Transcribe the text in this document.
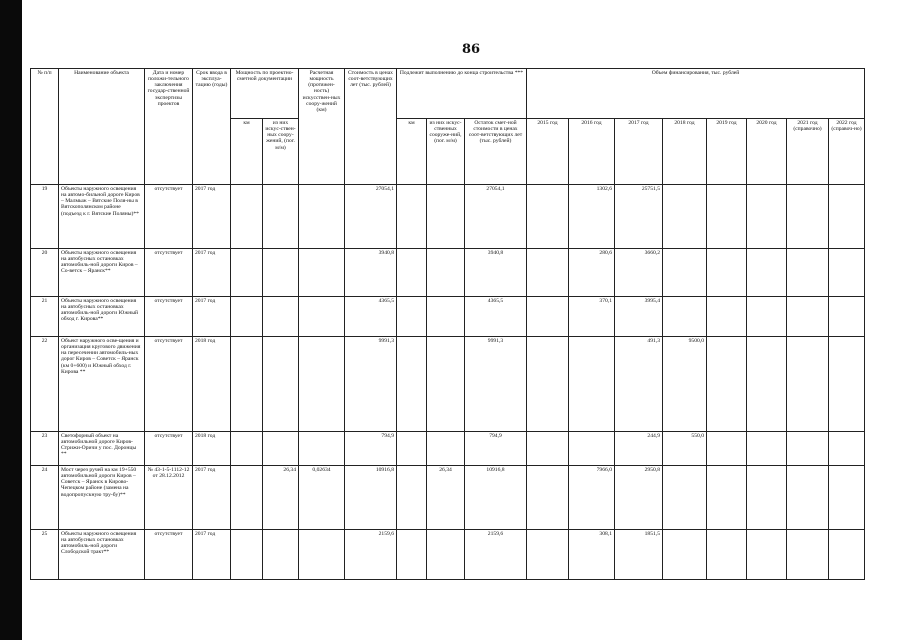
86
№ п/п	Наименование объекта	Дата и номер положи-тельного заключения государ-ственной экспертизы проектов	Срок ввода в эксплуа-тацию (годы)	Мощность по проектно-сметной документации		Расчетная мощность (протяжен-ность) искусствен-ных соору-жений (км)	Стоимость в ценах соот-ветствующих лет (тыс. рублей)	Подлежит выполнению до конца строительства ***			Объем финансирования, тыс. рублей							
				км	из них искус-ствен-ных соору-жений, (пог. м/м)			км	из них искус-ственных сооруже-ний, (пог. м/м)	Остаток смет-ной стоимости в ценах соот-ветствующих лет (тыс. рублей)	2015 год	2016 год	2017 год	2018 год	2019 год	2020 год	2021 год (справочно)	2022 год (справоч-но)
19	Объекты наружного освещения на автомо-бильной дороге Киров – Малмыж – Вятские Поля-ны в Вятскополянском районе (подъезд к г. Вятские Поляны)**	отсутствует	2017 год				27054,1			27054,1		1302,6	25751,5					
20	Объекты наружного освещения на автобусных остановках автомобиль-ной дороги Киров – Со-ветск – Яранск**	отсутствует	2017 год				3940,8			3940,8		280,6	3660,2					
21	Объекты наружного освещения на автобусных остановках автомобиль-ной дороги Южный обход г. Кирова**	отсутствует	2017 год				4365,5			4365,5		370,1	3995,4					
22	Объект наружного осве-щения и организация кругового движения на пересечении автомобиль-ных дорог Киров – Советск – Яранск (км 0+600) и Южный обход г. Кирова **	отсутствует	2018 год				9991,3			9991,3			491,3	9500,0				
23	Светофорный объект на автомобильной дороге Киров-Стрижи-Оричи у пос. Доронцы **	отсутствует	2018 год				794,9			794,9			244,9	550,0				
24	Мост через ручей на км 19+550 автомобильной дороги Киров – Советск – Яранск в Кирово-Чепецком районе (замена на водопропускную тру-бу)**	№ 43-1-5-1112-12 от 28.12.2012	2017 год		26,34	0,02634	10916,8		26,34	10916,8		7966,0	2950,8					
25	Объекты наружного освещения на автобусных остановках автомобиль-ной дороги Слободской тракт**	отсутствует	2017 год				2159,6			2159,6		308,1	1851,5					
